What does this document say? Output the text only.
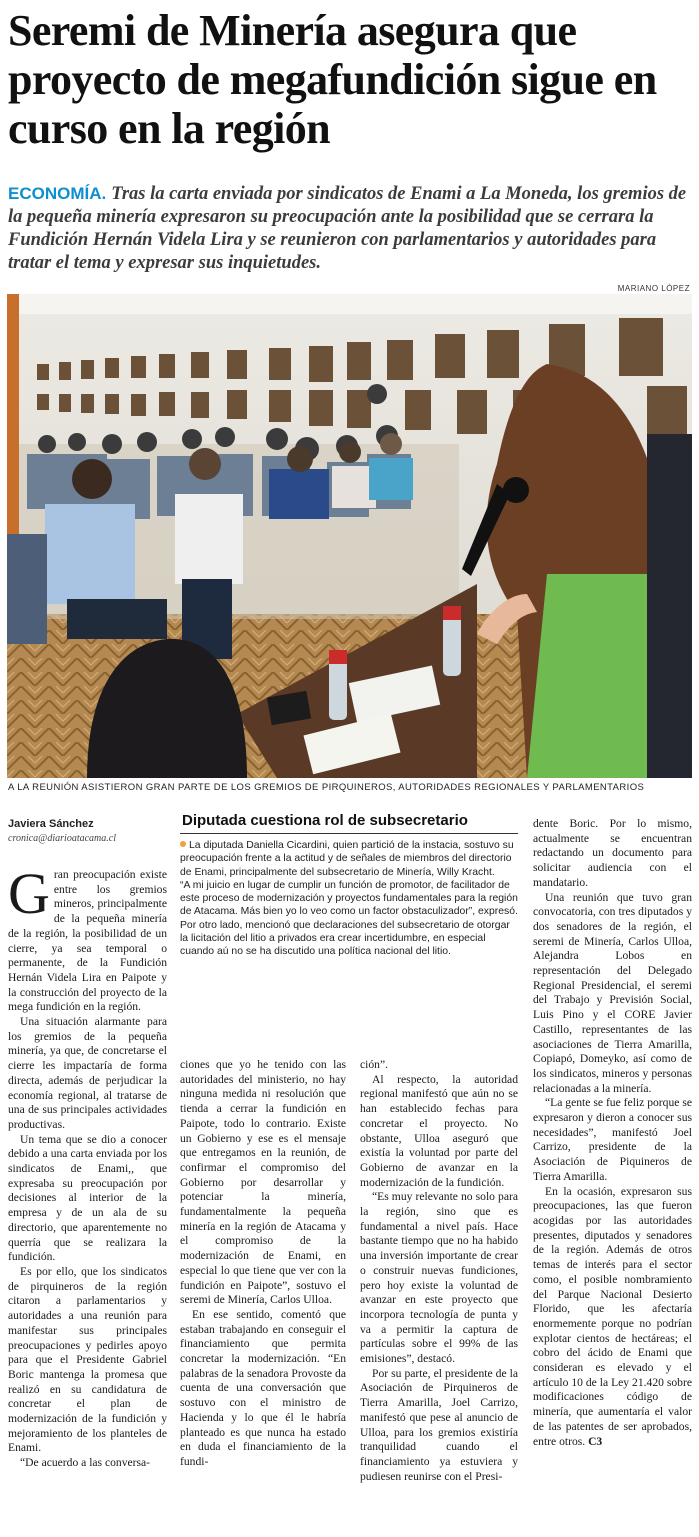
Seremi de Minería asegura que proyecto de megafundición sigue en curso en la región

ECONOMÍA. Tras la carta enviada por sindicatos de Enami a La Moneda, los gremios de la pequeña minería expresaron su preocupación ante la posibilidad que se cerrara la Fundición Hernán Videla Lira y se reunieron con parlamentarios y autoridades para tratar el tema y expresar sus inquietudes.

MARIANO LÓPEZ
A LA REUNIÓN ASISTIERON GRAN PARTE DE LOS GREMIOS DE PIRQUINEROS, AUTORIDADES REGIONALES Y PARLAMENTARIOS
Javiera Sánchez
cronica@diarioatacama.cl

Gran preocupación existe entre los gremios mineros, principalmente de la pequeña minería de la región, la posibilidad de un cierre, ya sea temporal o permanente, de la Fundición Hernán Videla Lira en Paipote y la construcción del proyecto de la mega fundición en la región.

Una situación alarmante para los gremios de la pequeña minería, ya que, de concretarse el cierre les impactaría de forma directa, además de perjudicar la economía regional, al tratarse de una de sus principales actividades productivas.

Un tema que se dio a conocer debido a una carta enviada por los sindicatos de Enami,, que expresaba su preocupación por decisiones al interior de la empresa y de un ala de su directorio, que aparentemente no querría que se realizara la fundición.

Es por ello, que los sindicatos de pirquineros de la región citaron a parlamentarios y autoridades a una reunión para manifestar sus principales preocupaciones y pedirles apoyo para que el Presidente Gabriel Boric mantenga la promesa que realizó en su candidatura de concretar el plan de modernización de la fundición y mejoramiento de los planteles de Enami.

“De acuerdo a las conversa-

Diputada cuestiona rol de subsecretario

La diputada Daniella Cicardini, quien partició de la instacia, sostuvo su preocupación frente a la actitud y de señales de miembros del directorio de Enami, principalmente del subsecretario de Minería, Willy Kracht.

“A mi juicio en lugar de cumplir un función de promotor, de facilitador de este proceso de modernización y proyectos fundamentales para la región de Atacama. Más bien yo lo veo como un factor obstaculizador”, expresó.

Por otro lado, mencionó que declaraciones del subsecretario de otorgar la licitación del litio a privados era crear incertidumbre, en especial cuando aú no se ha discutido una política nacional del litio.

ciones que yo he tenido con las autoridades del ministerio, no hay ninguna medida ni resolución que tienda a cerrar la fundición en Paipote, todo lo contrario. Existe un Gobierno y ese es el mensaje que entregamos en la reunión, de confirmar el compromiso del Gobierno por desarrollar y potenciar la minería, fundamentalmente la pequeña minería en la región de Atacama y el compromiso de la modernización de Enami, en especial lo que tiene que ver con la fundición en Paipote”, sostuvo el seremi de Minería, Carlos Ulloa.

En ese sentido, comentó que estaban trabajando en conseguir el financiamiento que permita concretar la modernización. “En palabras de la senadora Provoste da cuenta de una conversación que sostuvo con el ministro de Hacienda y lo que él le habría planteado es que nunca ha estado en duda el financiamiento de la fundi-

ción”.

Al respecto, la autoridad regional manifestó que aún no se han establecido fechas para concretar el proyecto. No obstante, Ulloa aseguró que existía la voluntad por parte del Gobierno de avanzar en la modernización de la fundición.

“Es muy relevante no solo para la región, sino que es fundamental a nivel país. Hace bastante tiempo que no ha habido una inversión importante de crear o construir nuevas fundiciones, pero hoy existe la voluntad de avanzar en este proyecto que incorpora tecnología de punta y va a permitir la captura de partículas sobre el 99% de las emisiones”, destacó.

Por su parte, el presidente de la Asociación de Pirquineros de Tierra Amarilla, Joel Carrizo, manifestó que pese al anuncio de Ulloa, para los gremios existiría tranquilidad cuando el financiamiento ya estuviera y pudiesen reunirse con el Presi-

dente Boric. Por lo mismo, actualmente se encuentran redactando un documento para solicitar audiencia con el mandatario.

Una reunión que tuvo gran convocatoria, con tres diputados y dos senadores de la región, el seremi de Minería, Carlos Ulloa, Alejandra Lobos en representación del Delegado Regional Presidencial, el seremi del Trabajo y Previsión Social, Luis Pino y el CORE Javier Castillo, representantes de las asociaciones de Tierra Amarilla, Copiapó, Domeyko, así como de los sindicatos, mineros y personas relacionadas a la minería.

“La gente se fue feliz porque se expresaron y dieron a conocer sus necesidades”, manifestó Joel Carrizo, presidente de la Asociación de Piquineros de Tierra Amarilla.

En la ocasión, expresaron sus preocupaciones, las que fueron acogidas por las autoridades presentes, diputados y senadores de la región. Además de otros temas de interés para el sector como, el posible nombramiento del Parque Nacional Desierto Florido, que les afectaría enormemente porque no podrían explotar cientos de hectáreas; el cobro del ácido de Enami que consideran es elevado y el artículo 10 de la Ley 21.420 sobre modificaciones código de minería, que aumentaría el valor de las patentes de ser aprobados, entre otros. C3
